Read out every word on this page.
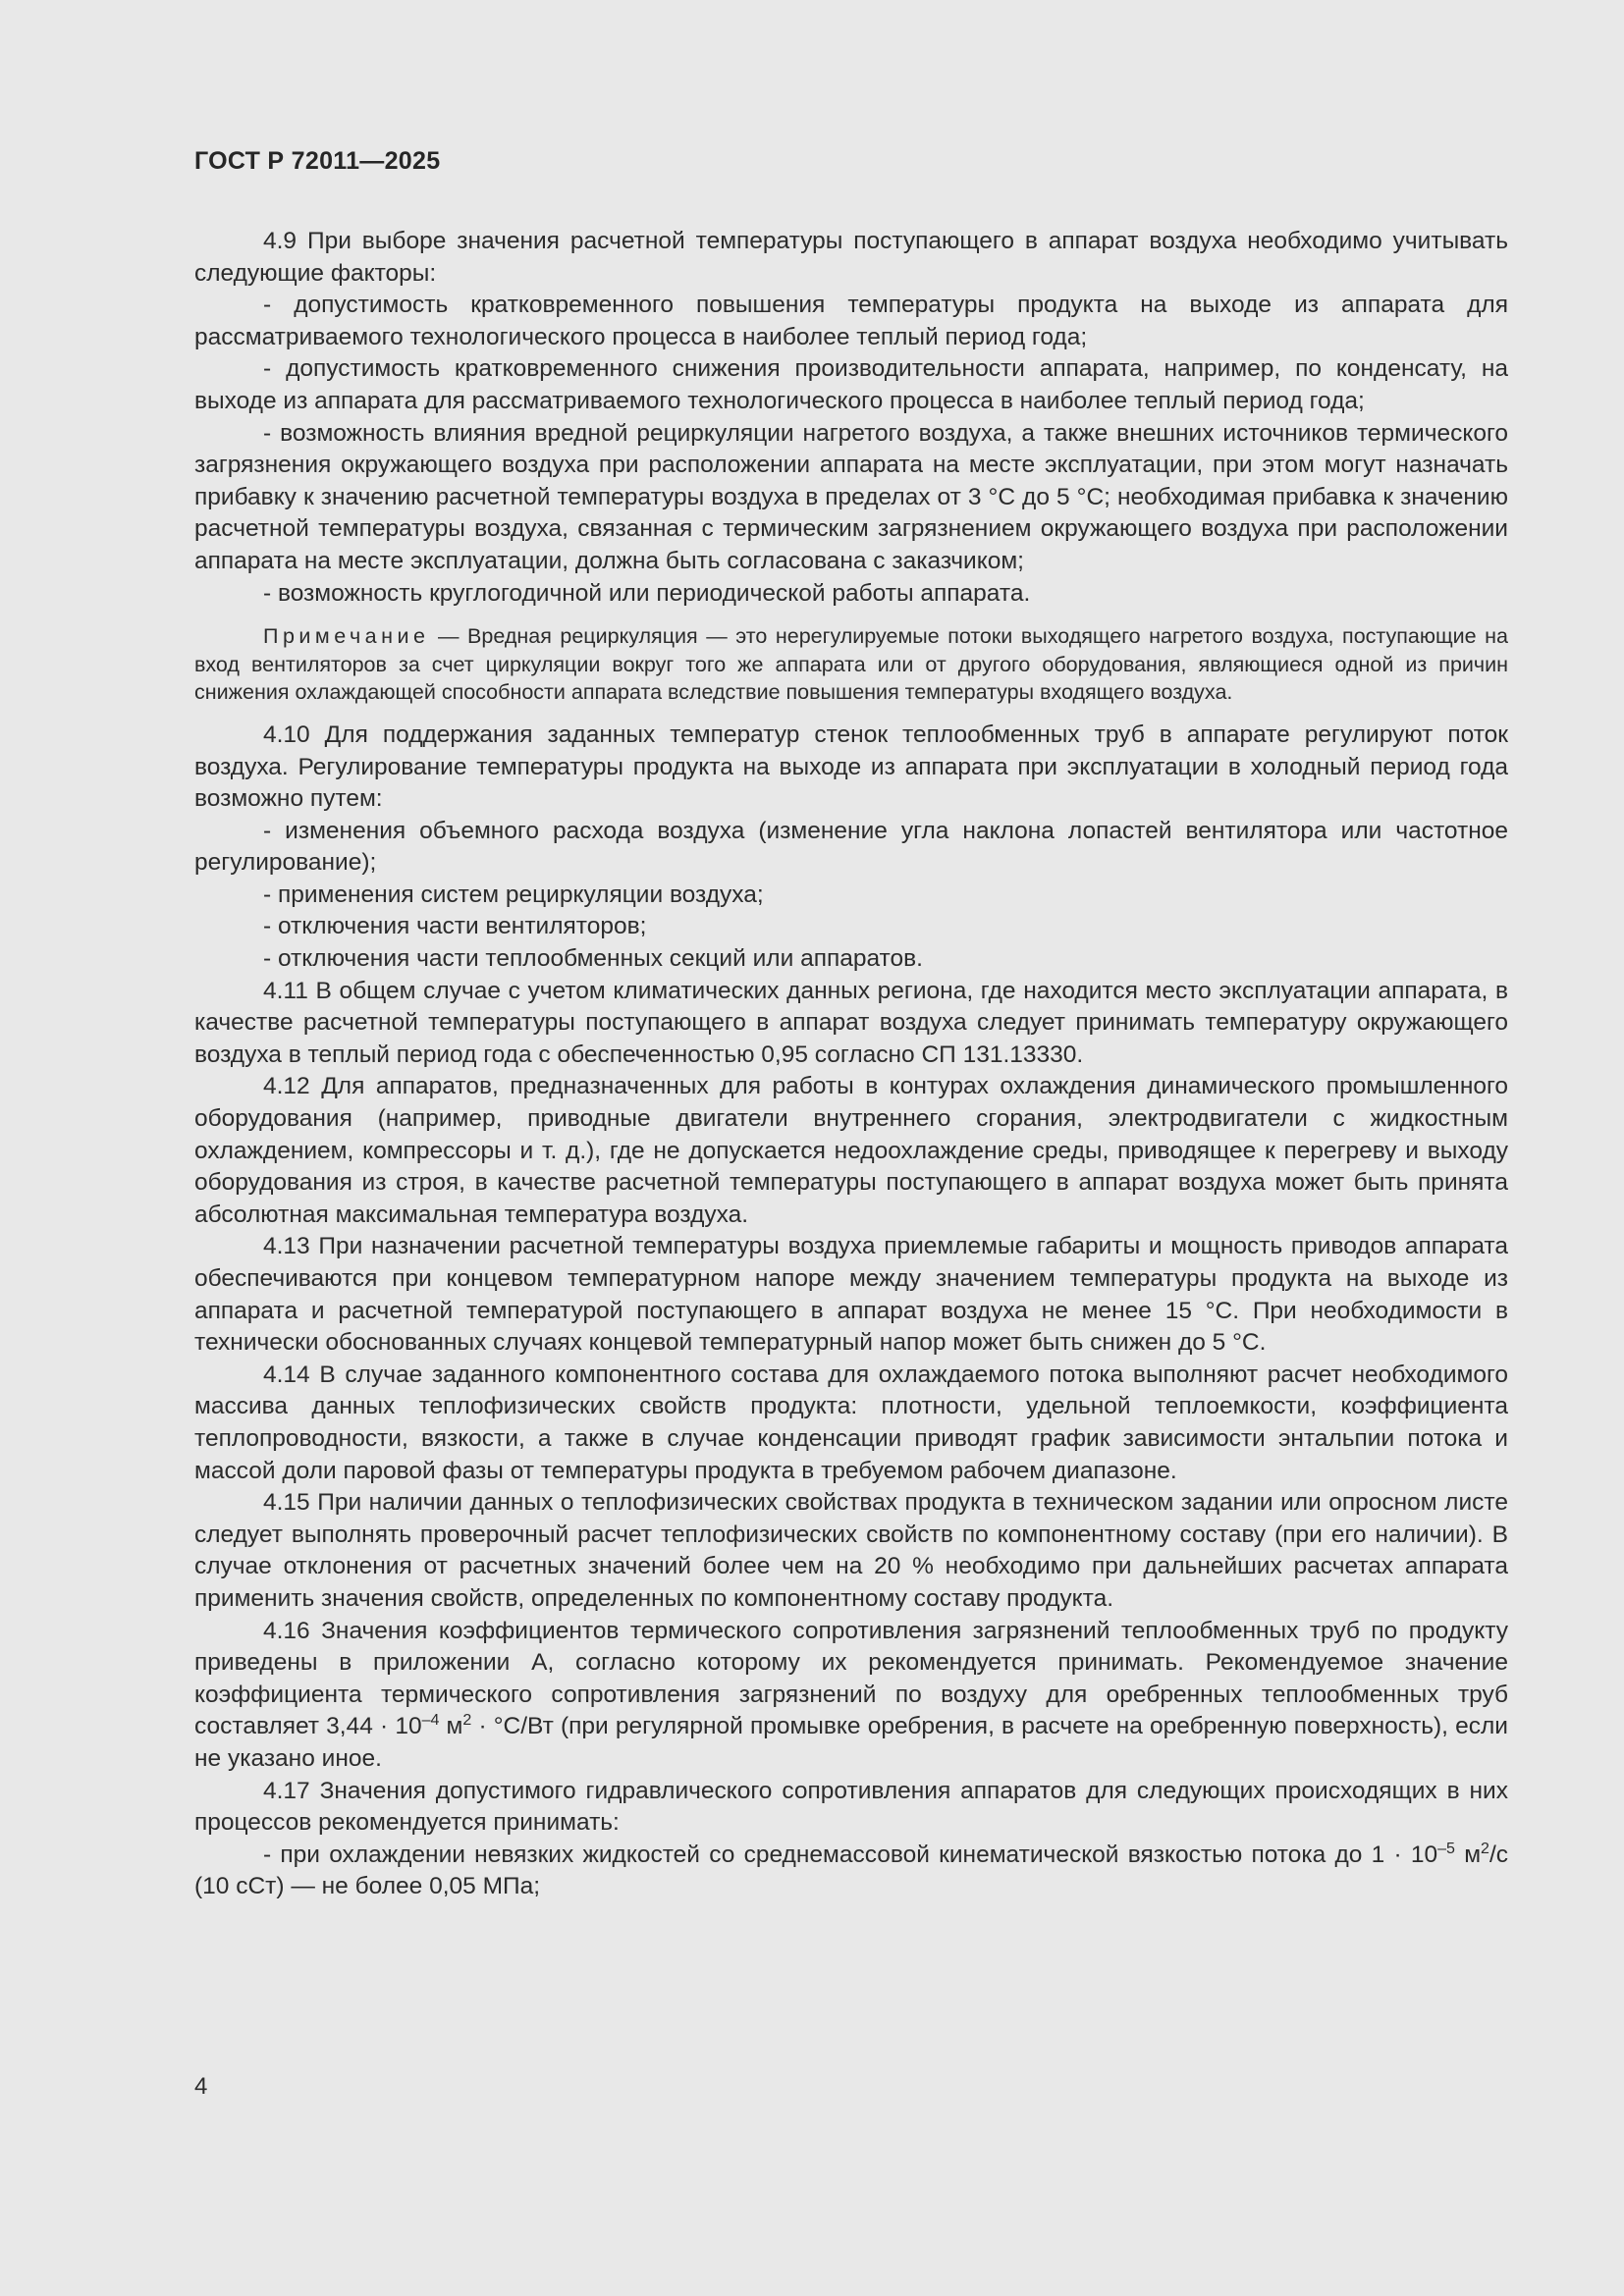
ГОСТ Р 72011—2025

4.9 При выборе значения расчетной температуры поступающего в аппарат воздуха необходимо учитывать следующие факторы:

- допустимость кратковременного повышения температуры продукта на выходе из аппарата для рассматриваемого технологического процесса в наиболее теплый период года;

- допустимость кратковременного снижения производительности аппарата, например, по конденсату, на выходе из аппарата для рассматриваемого технологического процесса в наиболее теплый период года;

- возможность влияния вредной рециркуляции нагретого воздуха, а также внешних источников термического загрязнения окружающего воздуха при расположении аппарата на месте эксплуатации, при этом могут назначать прибавку к значению расчетной температуры воздуха в пределах от 3 °С до 5 °С; необходимая прибавка к значению расчетной температуры воздуха, связанная с термическим загрязнением окружающего воздуха при расположении аппарата на месте эксплуатации, должна быть согласована с заказчиком;

- возможность круглогодичной или периодической работы аппарата.

Примечание — Вредная рециркуляция — это нерегулируемые потоки выходящего нагретого воздуха, поступающие на вход вентиляторов за счет циркуляции вокруг того же аппарата или от другого оборудования, являющиеся одной из причин снижения охлаждающей способности аппарата вследствие повышения температуры входящего воздуха.

4.10 Для поддержания заданных температур стенок теплообменных труб в аппарате регулируют поток воздуха. Регулирование температуры продукта на выходе из аппарата при эксплуатации в холодный период года возможно путем:

- изменения объемного расхода воздуха (изменение угла наклона лопастей вентилятора или частотное регулирование);

- применения систем рециркуляции воздуха;

- отключения части вентиляторов;

- отключения части теплообменных секций или аппаратов.

4.11 В общем случае с учетом климатических данных региона, где находится место эксплуатации аппарата, в качестве расчетной температуры поступающего в аппарат воздуха следует принимать температуру окружающего воздуха в теплый период года с обеспеченностью 0,95 согласно СП 131.13330.

4.12 Для аппаратов, предназначенных для работы в контурах охлаждения динамического промышленного оборудования (например, приводные двигатели внутреннего сгорания, электродвигатели с жидкостным охлаждением, компрессоры и т. д.), где не допускается недоохлаждение среды, приводящее к перегреву и выходу оборудования из строя, в качестве расчетной температуры поступающего в аппарат воздуха может быть принята абсолютная максимальная температура воздуха.

4.13 При назначении расчетной температуры воздуха приемлемые габариты и мощность приводов аппарата обеспечиваются при концевом температурном напоре между значением температуры продукта на выходе из аппарата и расчетной температурой поступающего в аппарат воздуха не менее 15 °С. При необходимости в технически обоснованных случаях концевой температурный напор может быть снижен до 5 °С.

4.14 В случае заданного компонентного состава для охлаждаемого потока выполняют расчет необходимого массива данных теплофизических свойств продукта: плотности, удельной теплоемкости, коэффициента теплопроводности, вязкости, а также в случае конденсации приводят график зависимости энтальпии потока и массой доли паровой фазы от температуры продукта в требуемом рабочем диапазоне.

4.15 При наличии данных о теплофизических свойствах продукта в техническом задании или опросном листе следует выполнять проверочный расчет теплофизических свойств по компонентному составу (при его наличии). В случае отклонения от расчетных значений более чем на 20 % необходимо при дальнейших расчетах аппарата применить значения свойств, определенных по компонентному составу продукта.

4.16 Значения коэффициентов термического сопротивления загрязнений теплообменных труб по продукту приведены в приложении А, согласно которому их рекомендуется принимать. Рекомендуемое значение коэффициента термического сопротивления загрязнений по воздуху для оребренных теплообменных труб составляет $3,44 \cdot 10^{-4}$ $м^2 \cdot ^\circ С/Вт$ (при регулярной промывке оребрения, в расчете на оребренную поверхность), если не указано иное.

4.17 Значения допустимого гидравлического сопротивления аппаратов для следующих происходящих в них процессов рекомендуется принимать:

- при охлаждении невязких жидкостей со среднемассовой кинематической вязкостью потока до $1 \cdot 10^{-5}$ $м^2/с$ (10 сСт) — не более 0,05 МПа;

4
